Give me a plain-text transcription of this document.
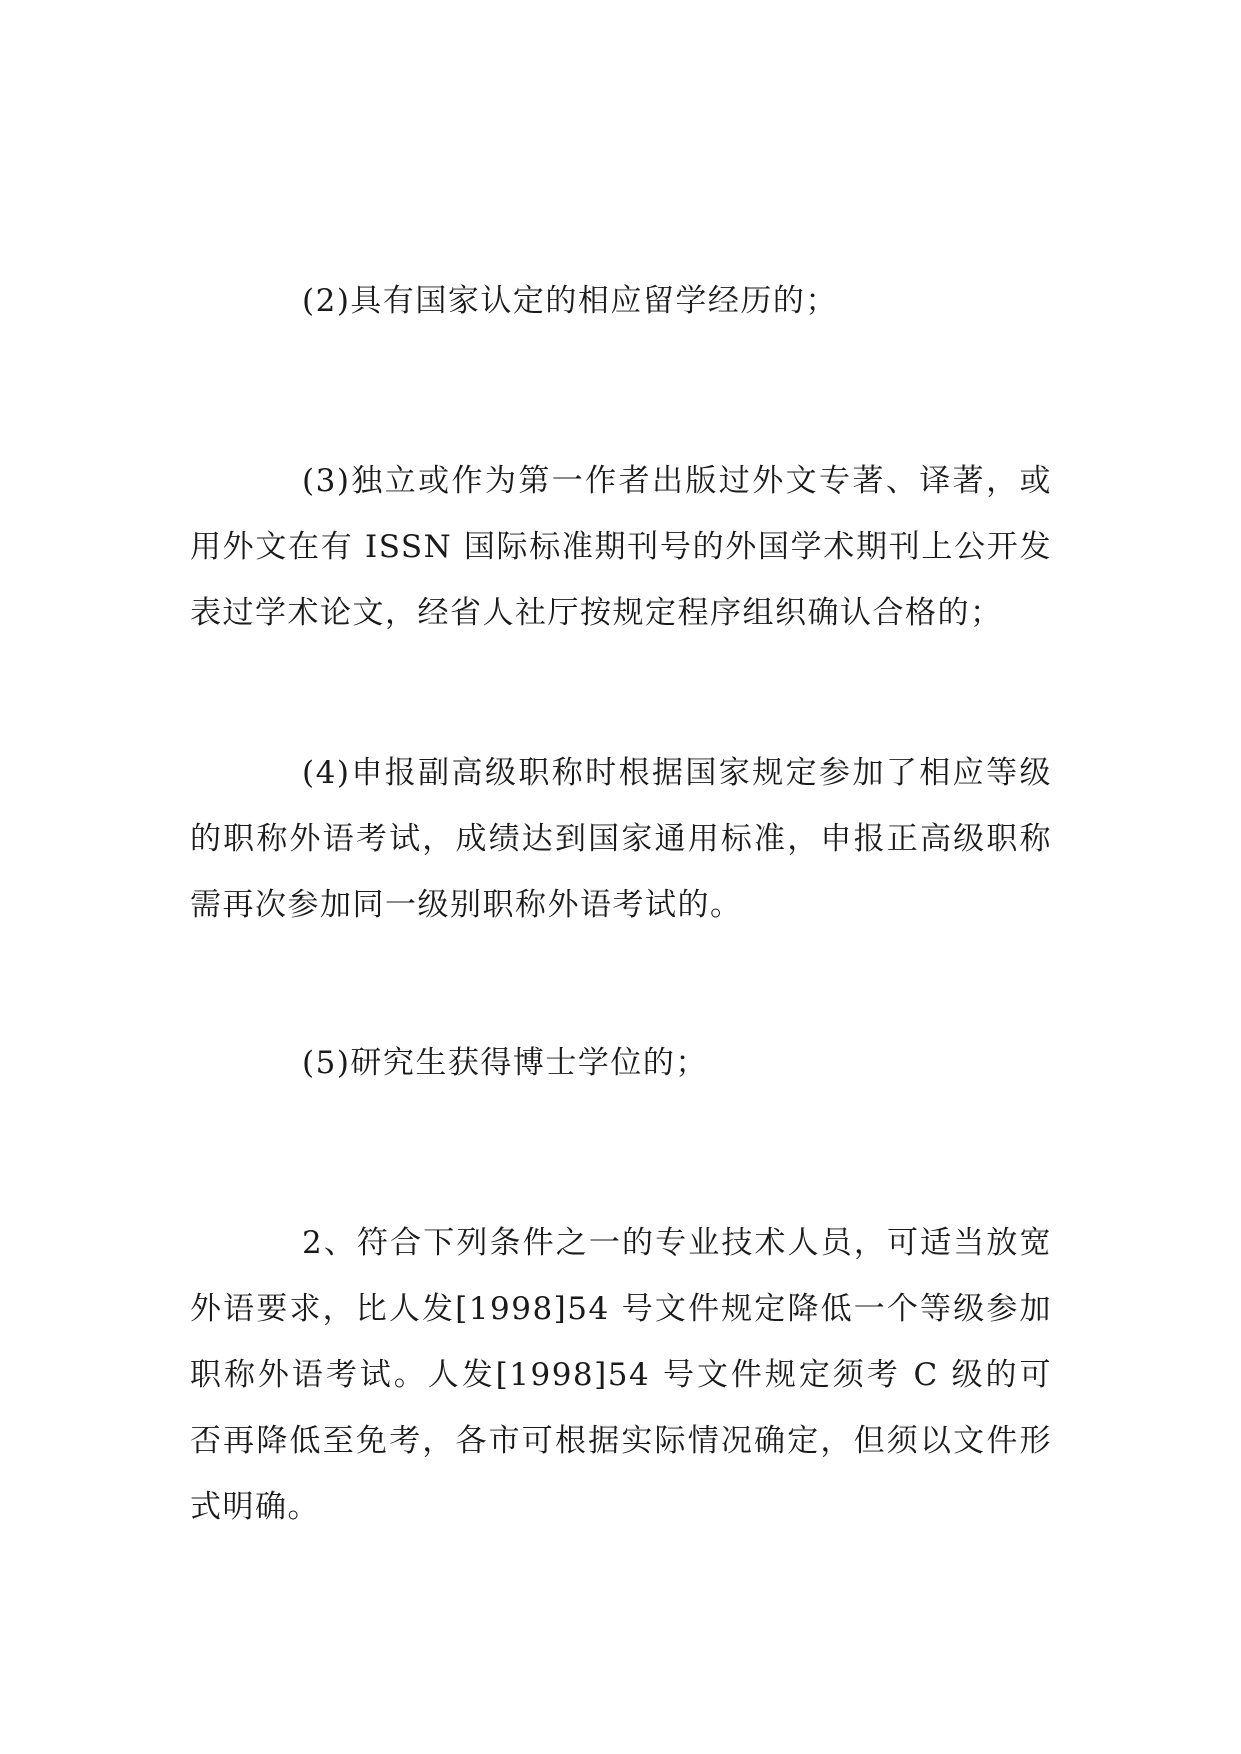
(2)具有国家认定的相应留学经历的；

(3)独立或作为第一作者出版过外文专著、译著，或用外文在有 ISSN 国际标准期刊号的外国学术期刊上公开发表过学术论文，经省人社厅按规定程序组织确认合格的；

(4)申报副高级职称时根据国家规定参加了相应等级的职称外语考试，成绩达到国家通用标准，申报正高级职称需再次参加同一级别职称外语考试的。

(5)研究生获得博士学位的；

2、符合下列条件之一的专业技术人员，可适当放宽外语要求，比人发[1998]54 号文件规定降低一个等级参加职称外语考试。人发[1998]54 号文件规定须考 C 级的可否再降低至免考，各市可根据实际情况确定，但须以文件形式明确。
